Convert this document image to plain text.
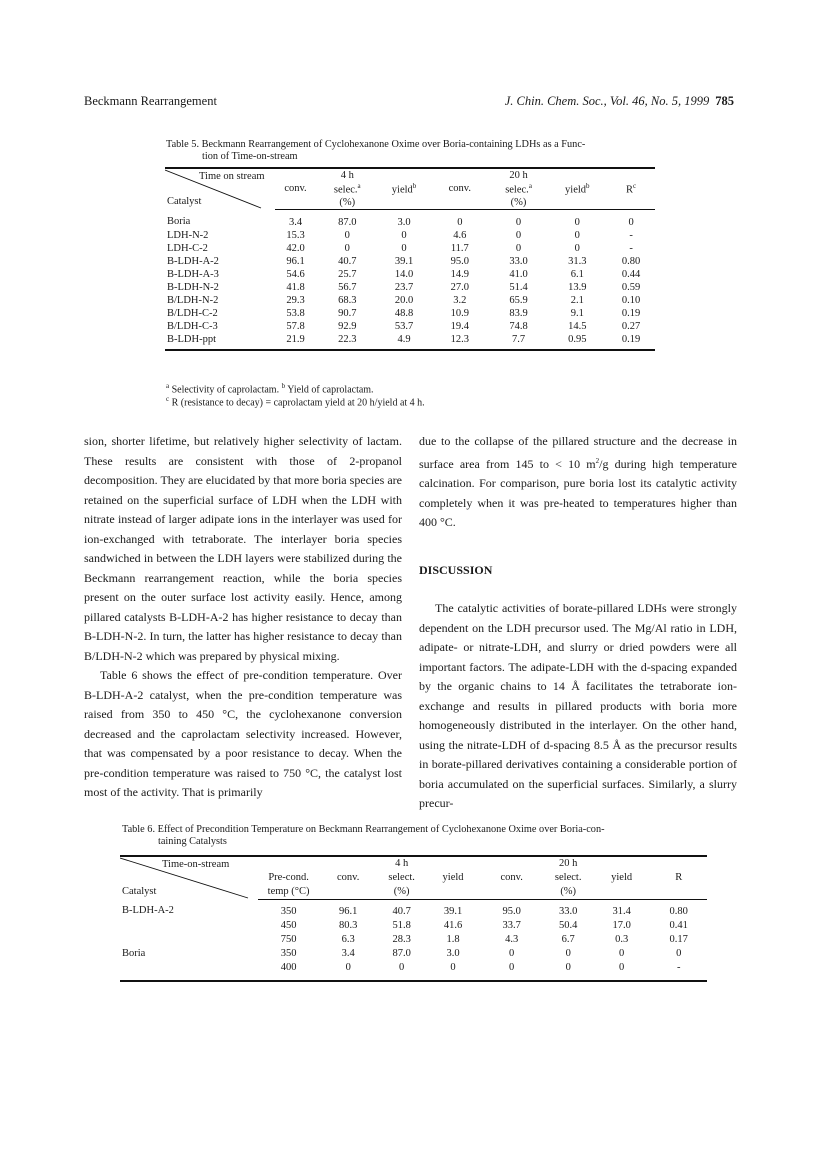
Beckmann Rearrangement	J. Chin. Chem. Soc., Vol. 46, No. 5, 1999 785
Table 5. Beckmann Rearrangement of Cyclohexanone Oxime over Boria-containing LDHs as a Func-
tion of Time-on-stream
Time on stream
Catalyst		4 h			20 h		
	conv.	selec.$^a$	yield$^b$	conv.	selec.$^a$	yield$^b$	$R^c$
		(%)			(%)		
Boria	3.4	87.0	3.0	0	0	0	0
LDH-N-2	15.3	0	0	4.6	0	0	-
LDH-C-2	42.0	0	0	11.7	0	0	-
B-LDH-A-2	96.1	40.7	39.1	95.0	33.0	31.3	0.80
B-LDH-A-3	54.6	25.7	14.0	14.9	41.0	6.1	0.44
B-LDH-N-2	41.8	56.7	23.7	27.0	51.4	13.9	0.59
B/LDH-N-2	29.3	68.3	20.0	3.2	65.9	2.1	0.10
B/LDH-C-2	53.8	90.7	48.8	10.9	83.9	9.1	0.19
B/LDH-C-3	57.8	92.9	53.7	19.4	74.8	14.5	0.27
B-LDH-ppt	21.9	22.3	4.9	12.3	7.7	0.95	0.19
$^a$ Selectivity of caprolactam. $^b$ Yield of caprolactam.
$^c$ R (resistance to decay) = caprolactam yield at 20 h/yield at 4 h.

sion, shorter lifetime, but relatively higher selectivity of lactam. These results are consistent with those of 2-propanol decomposition. They are elucidated by that more boria species are retained on the superficial surface of LDH when the LDH with nitrate instead of larger adipate ions in the interlayer was used for ion-exchanged with tetraborate. The interlayer boria species sandwiched in between the LDH layers were stabilized during the Beckmann rearrangement reaction, while the boria species present on the outer surface lost activity easily. Hence, among pillared catalysts B-LDH-A-2 has higher resistance to decay than B-LDH-N-2. In turn, the latter has higher resistance to decay than B/LDH-N-2 which was prepared by physical mixing.

Table 6 shows the effect of pre-condition temperature. Over B-LDH-A-2 catalyst, when the pre-condition temperature was raised from 350 to 450 °C, the cyclohexanone conversion decreased and the caprolactam selectivity increased. However, that was compensated by a poor resistance to decay. When the pre-condition temperature was raised to 750 °C, the catalyst lost most of the activity. That is primarily

due to the collapse of the pillared structure and the decrease in surface area from 145 to < 10 $m^2/g$ during high temperature calcination. For comparison, pure boria lost its catalytic activity completely when it was pre-heated to temperatures higher than 400 °C.

DISCUSSION

The catalytic activities of borate-pillared LDHs were strongly dependent on the LDH precursor used. The Mg/Al ratio in LDH, adipate- or nitrate-LDH, and slurry or dried powders were all important factors. The adipate-LDH with the d-spacing expanded by the organic chains to 14 Å facilitates the tetraborate ion-exchange and results in pillared products with boria more homogeneously distributed in the interlayer. On the other hand, using the nitrate-LDH of d-spacing 8.5 Å as the precursor results in borate-pillared derivatives containing a considerable portion of boria accumulated on the superficial surfaces. Similarly, a slurry precur-

Table 6. Effect of Precondition Temperature on Beckmann Rearrangement of Cyclohexanone Oxime over Boria-con-
taining Catalysts
Time-on-stream
Catalyst			4 h			20 h		
	Pre-cond.	conv.	select.	yield	conv.	select.	yield	R
	temp (°C)		(%)			(%)		
B-LDH-A-2	350	96.1	40.7	39.1	95.0	33.0	31.4	0.80
	450	80.3	51.8	41.6	33.7	50.4	17.0	0.41
	750	6.3	28.3	1.8	4.3	6.7	0.3	0.17
Boria	350	3.4	87.0	3.0	0	0	0	0
	400	0	0	0	0	0	0	-
